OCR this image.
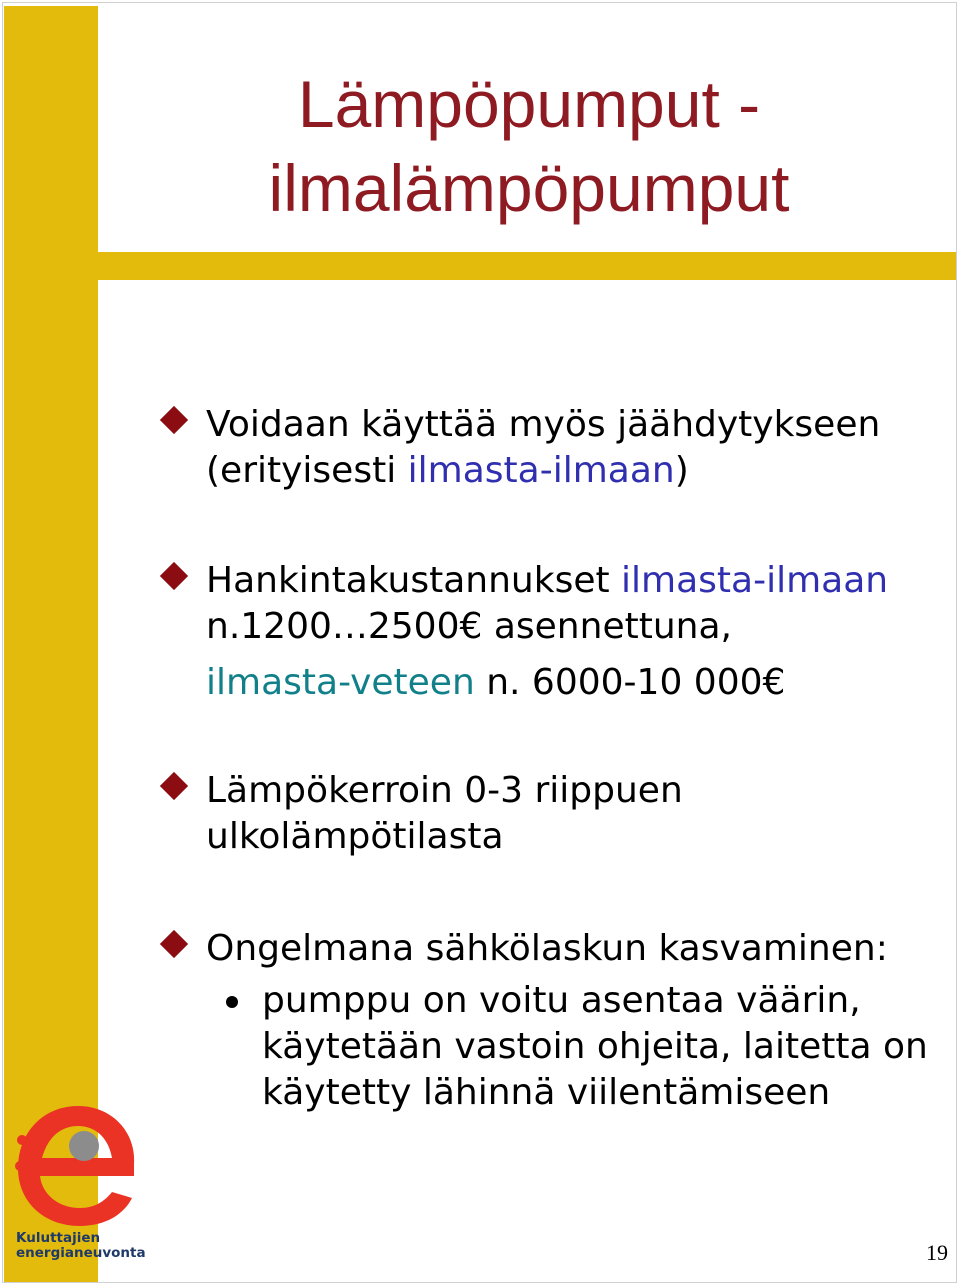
Lämpöpumput -
ilmalämpöpumput
Voidaan käyttää myös jäähdytykseen
(erityisesti ilmasta-ilmaan)
Hankintakustannukset ilmasta-ilmaan
n.1200…2500€ asennettuna,
ilmasta-veteen n. 6000-10 000€
Lämpökerroin 0-3 riippuen
ulkolämpötilasta
Ongelmana sähkölaskun kasvaminen:
pumppu on voitu asentaa väärin,
käytetään vastoin ohjeita, laitetta on
käytetty lähinnä viilentämiseen
Kuluttajien
energianeuvonta	19
